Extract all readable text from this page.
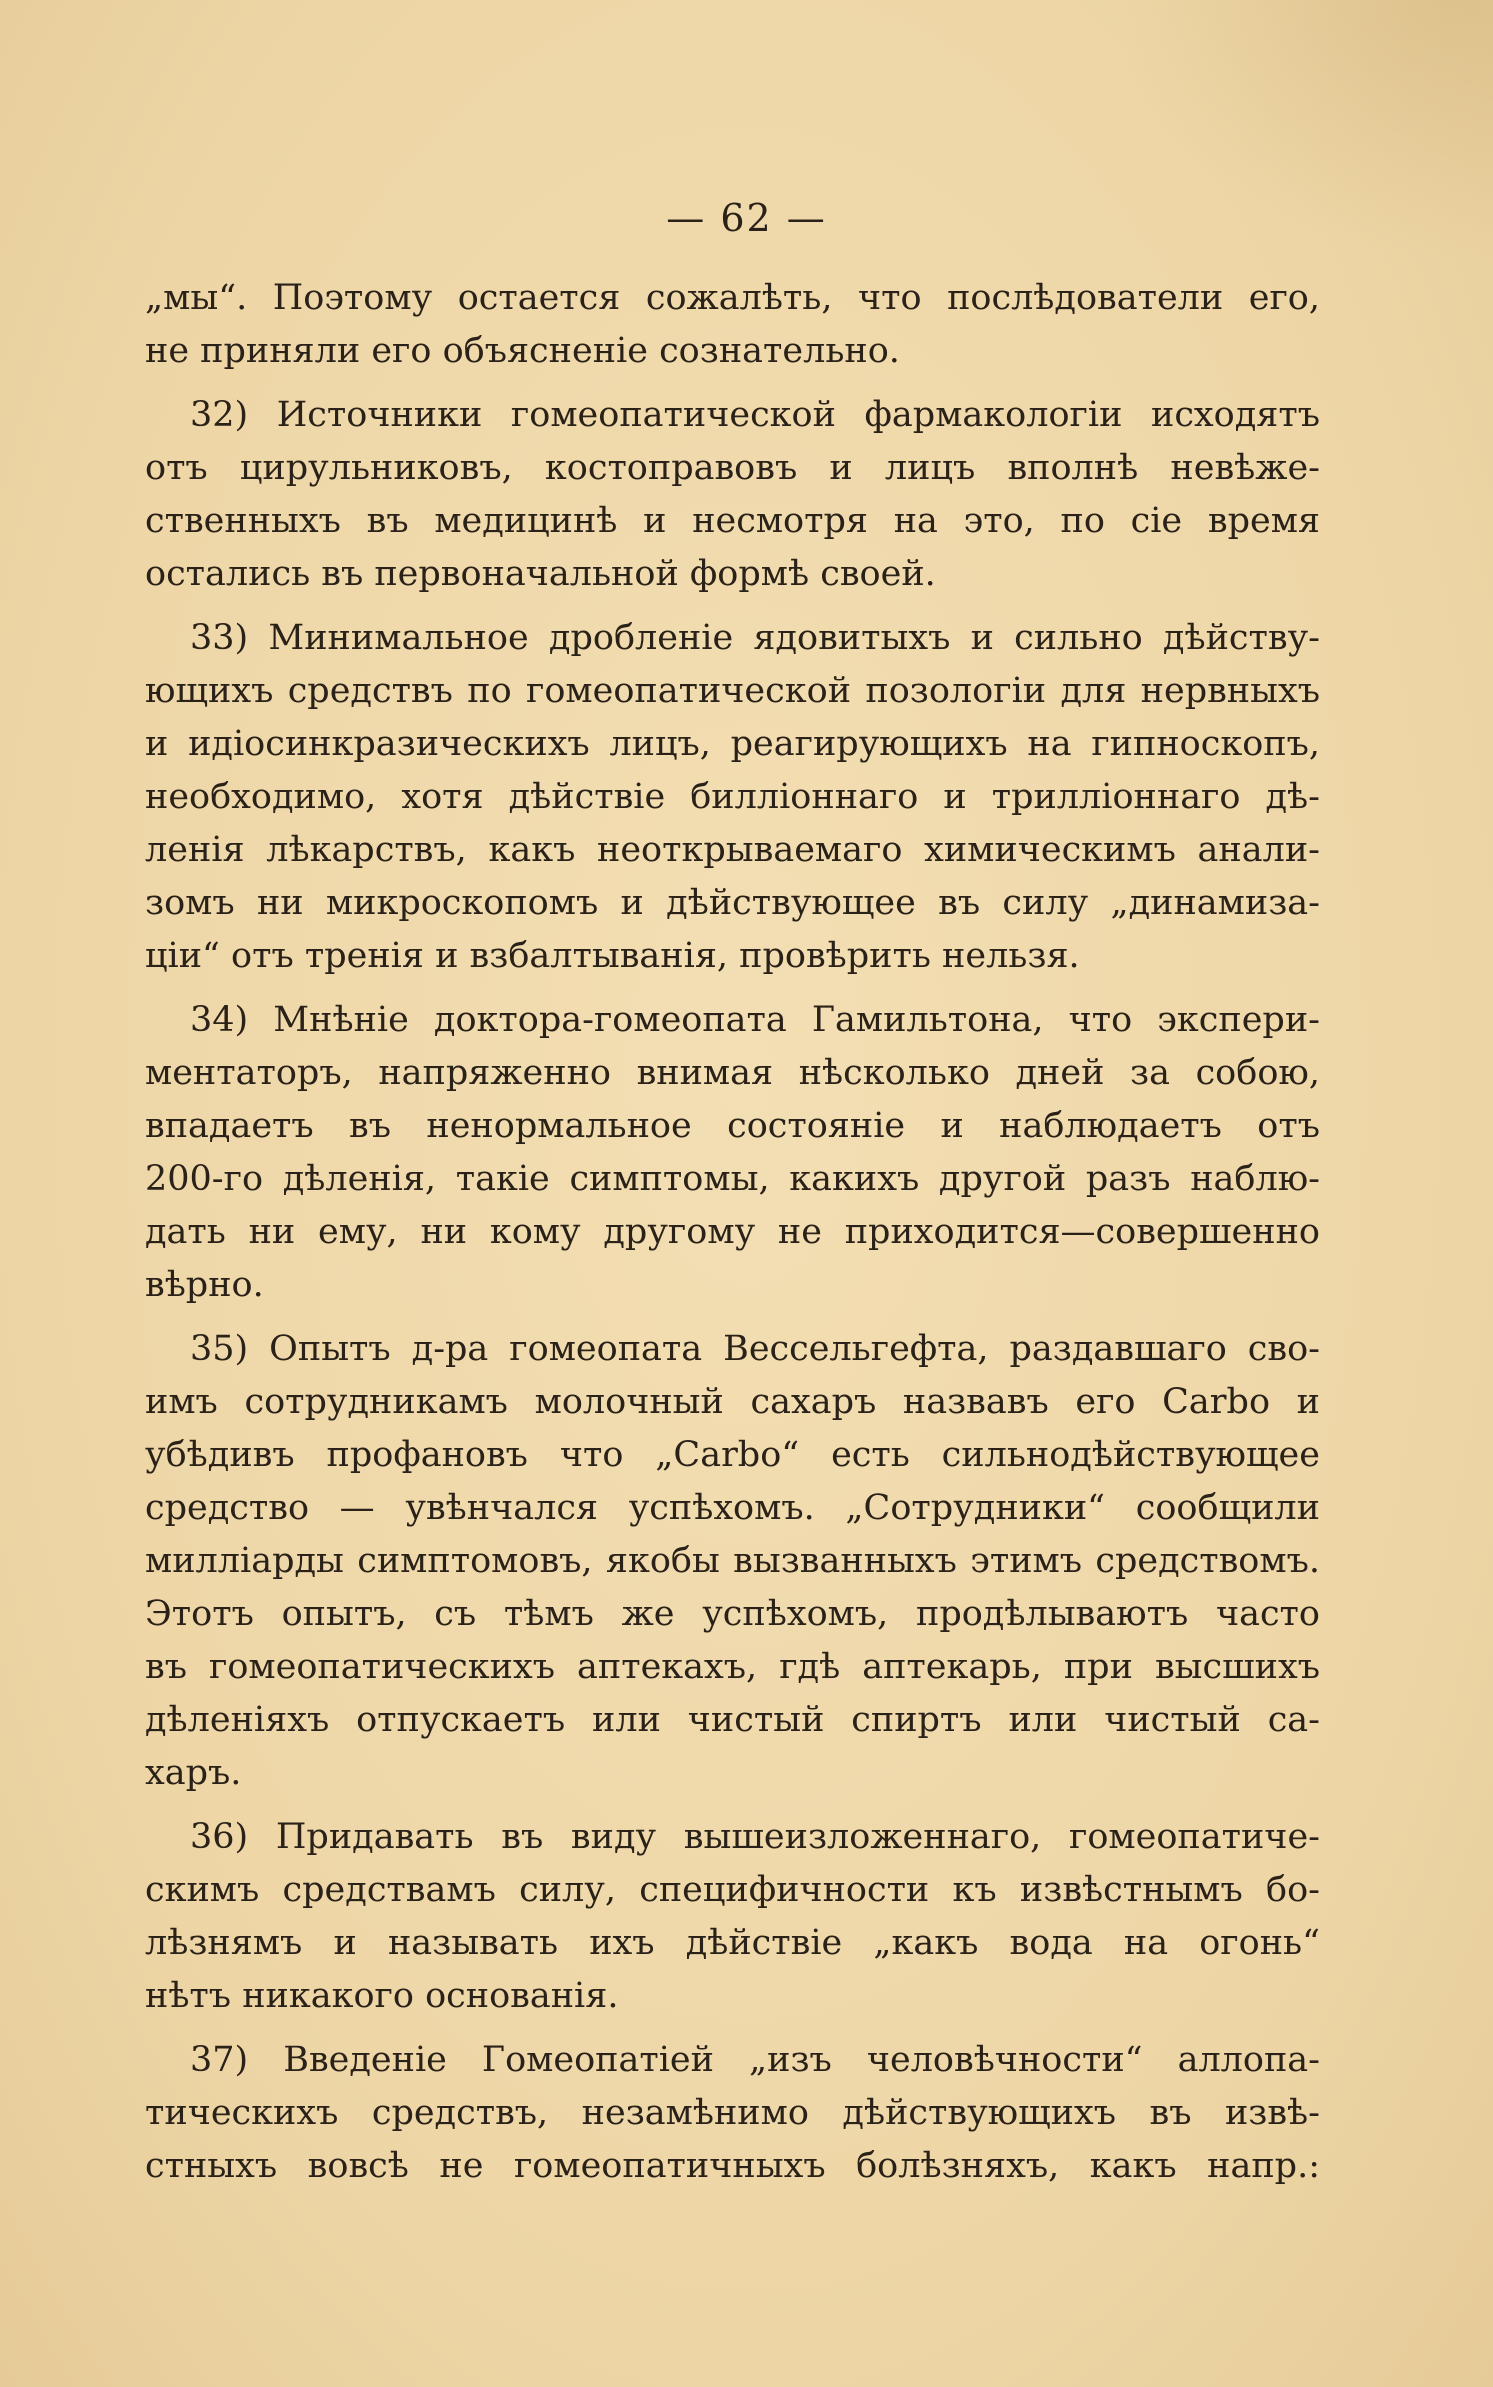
— 62 —
„мы“. Поэтому остается сожалѣть, что послѣдователи его,
не приняли его объясненіе сознательно.
32) Источники гомеопатической фармакологіи исходятъ
отъ цирульниковъ, костоправовъ и лицъ вполнѣ невѣже-
ственныхъ въ медицинѣ и несмотря на это, по сіе время
остались въ первоначальной формѣ своей.
33) Минимальное дробленіе ядовитыхъ и сильно дѣйству-
ющихъ средствъ по гомеопатической позологіи для нервныхъ
и идіосинкразическихъ лицъ, реагирующихъ на гипноскопъ,
необходимо, хотя дѣйствіе билліоннаго и трилліоннаго дѣ-
ленія лѣкарствъ, какъ неоткрываемаго химическимъ анали-
зомъ ни микроскопомъ и дѣйствующее въ силу „динамиза-
ціи“ отъ тренія и взбалтыванія, провѣрить нельзя.
34) Мнѣніе доктора-гомеопата Гамильтона, что экспери-
ментаторъ, напряженно внимая нѣсколько дней за собою,
впадаетъ въ ненормальное состояніе и наблюдаетъ отъ
200-го дѣленія, такіе симптомы, какихъ другой разъ наблю-
дать ни ему, ни кому другому не приходится—совершенно
вѣрно.
35) Опытъ д-ра гомеопата Вессельгефта, раздавшаго сво-
имъ сотрудникамъ молочный сахаръ назвавъ его Carbo и
убѣдивъ профановъ что „Carbo“ есть сильнодѣйствующее
средство — увѣнчался успѣхомъ. „Сотрудники“ сообщили
милліарды симптомовъ, якобы вызванныхъ этимъ средствомъ.
Этотъ опытъ, съ тѣмъ же успѣхомъ, продѣлываютъ часто
въ гомеопатическихъ аптекахъ, гдѣ аптекарь, при высшихъ
дѣленіяхъ отпускаетъ или чистый спиртъ или чистый са-
харъ.
36) Придавать въ виду вышеизложеннаго, гомеопатиче-
скимъ средствамъ силу, специфичности къ извѣстнымъ бо-
лѣзнямъ и называть ихъ дѣйствіе „какъ вода на огонь“
нѣтъ никакого основанія.
37) Введеніе Гомеопатіей „изъ человѣчности“ аллопа-
тическихъ средствъ, незамѣнимо дѣйствующихъ въ извѣ-
стныхъ вовсѣ не гомеопатичныхъ болѣзняхъ, какъ напр.:
